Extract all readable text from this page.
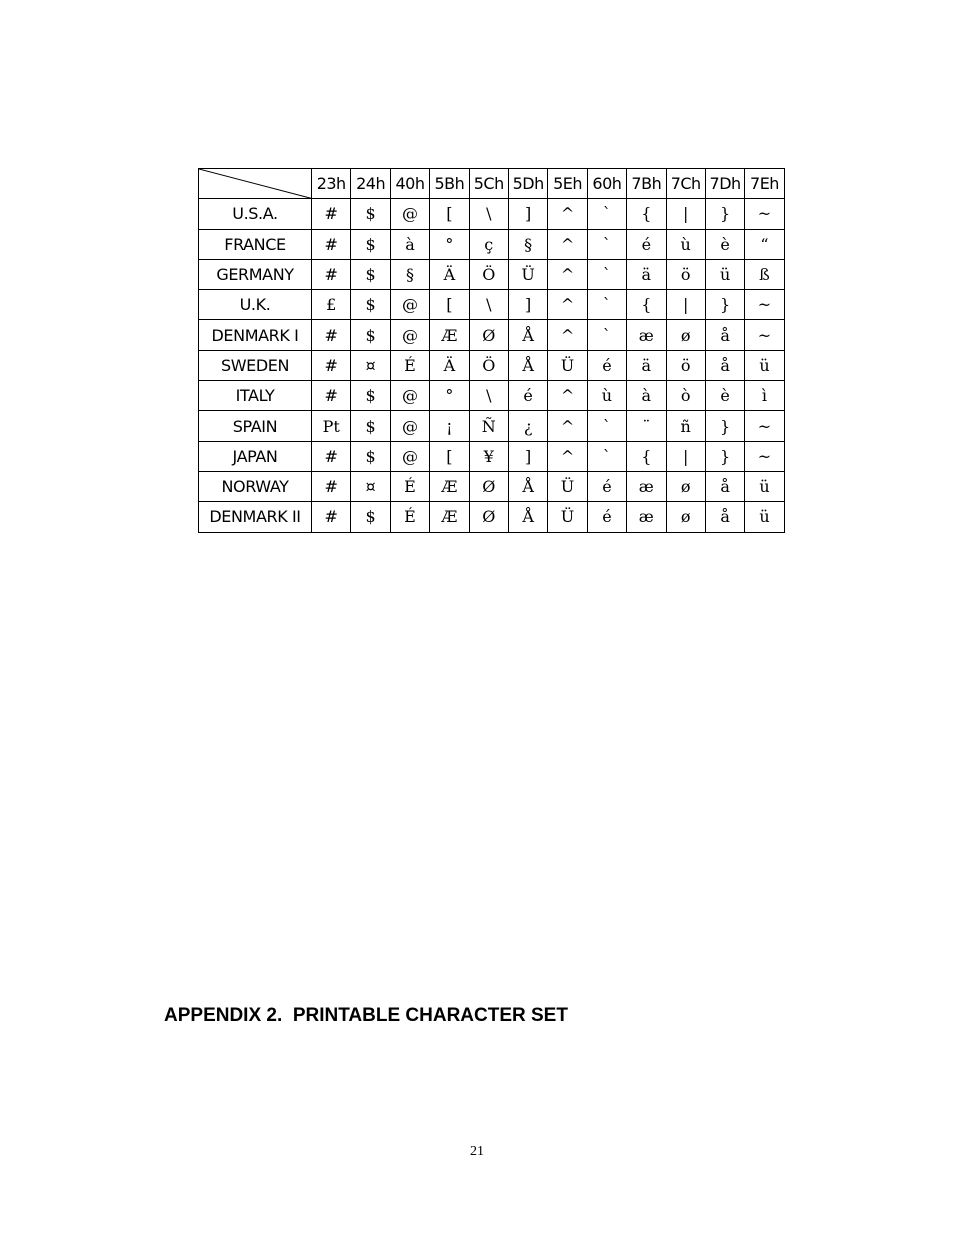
	23h	24h	40h	5Bh	5Ch	5Dh	5Eh	60h	7Bh	7Ch	7Dh	7Eh
U.S.A.	#	$	@	[	\	]	^	`	{	|	}	~
FRANCE	#	$	à	°	ç	§	^	`	é	ù	è	“
GERMANY	#	$	§	Ä	Ö	Ü	^	`	ä	ö	ü	ß
U.K.	£	$	@	[	\	]	^	`	{	|	}	~
DENMARK I	#	$	@	Æ	Ø	Å	^	`	æ	ø	å	~
SWEDEN	#	¤	É	Ä	Ö	Å	Ü	é	ä	ö	å	ü
ITALY	#	$	@	°	\	é	^	ù	à	ò	è	ì
SPAIN	Pt	$	@	¡	Ñ	¿	^	`	¨	ñ	}	~
JAPAN	#	$	@	[	¥	]	^	`	{	|	}	~
NORWAY	#	¤	É	Æ	Ø	Å	Ü	é	æ	ø	å	ü
DENMARK II	#	$	É	Æ	Ø	Å	Ü	é	æ	ø	å	ü
APPENDIX 2.  PRINTABLE CHARACTER SET
21
